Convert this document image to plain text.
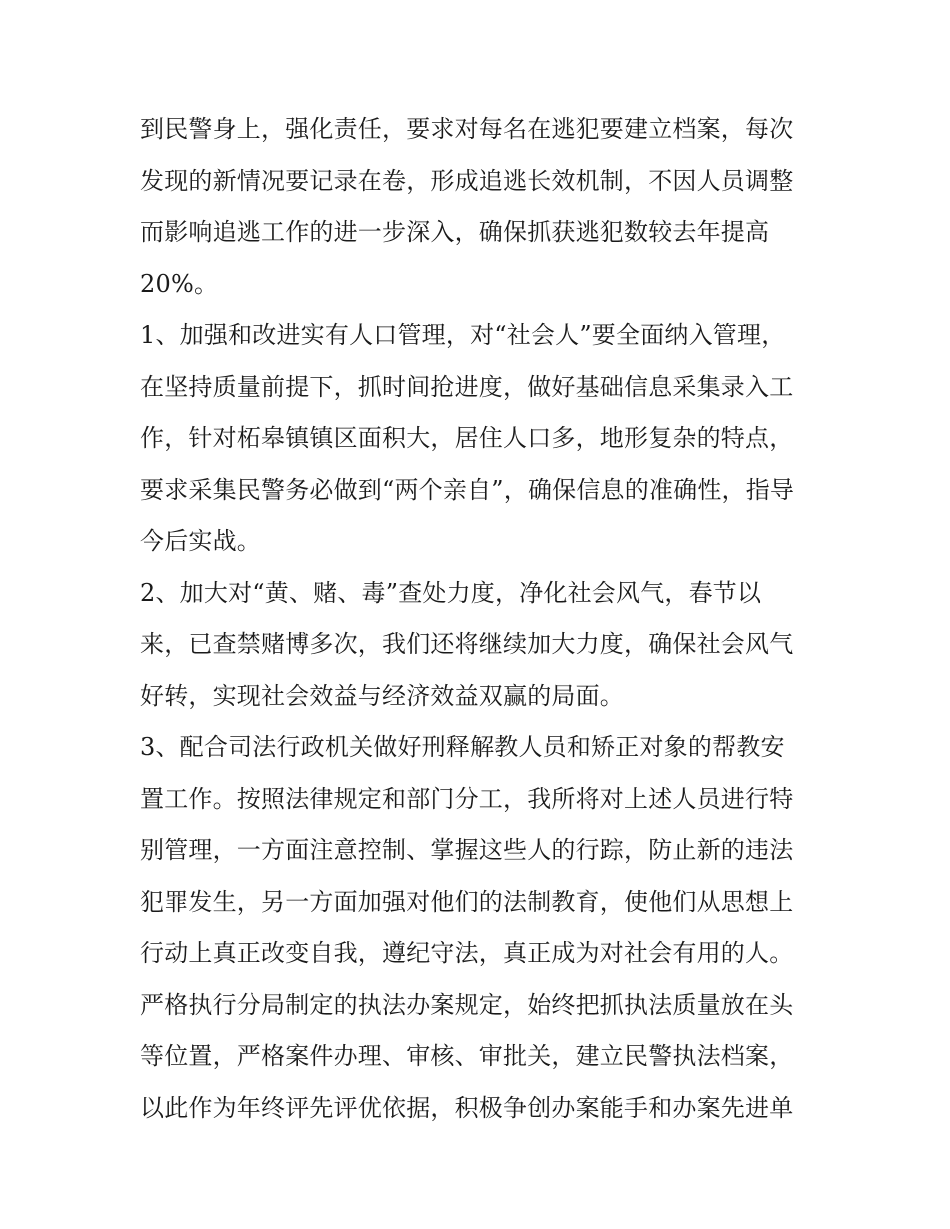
到民警身上，强化责任，要求对每名在逃犯要建立档案，每次
发现的新情况要记录在卷，形成追逃长效机制，不因人员调整
而影响追逃工作的进一步深入，确保抓获逃犯数较去年提高
20%。
1、加强和改进实有人口管理，对“社会人”要全面纳入管理，
在坚持质量前提下，抓时间抢进度，做好基础信息采集录入工
作，针对柘皋镇镇区面积大，居住人口多，地形复杂的特点，
要求采集民警务必做到“两个亲自”，确保信息的准确性，指导
今后实战。
2、加大对“黄、赌、毒”查处力度，净化社会风气，春节以
来，已查禁赌博多次，我们还将继续加大力度，确保社会风气
好转，实现社会效益与经济效益双赢的局面。
3、配合司法行政机关做好刑释解教人员和矫正对象的帮教安
置工作。按照法律规定和部门分工，我所将对上述人员进行特
别管理，一方面注意控制、掌握这些人的行踪，防止新的违法
犯罪发生，另一方面加强对他们的法制教育，使他们从思想上
行动上真正改变自我，遵纪守法，真正成为对社会有用的人。
严格执行分局制定的执法办案规定，始终把抓执法质量放在头
等位置，严格案件办理、审核、审批关，建立民警执法档案，
以此作为年终评先评优依据，积极争创办案能手和办案先进单
